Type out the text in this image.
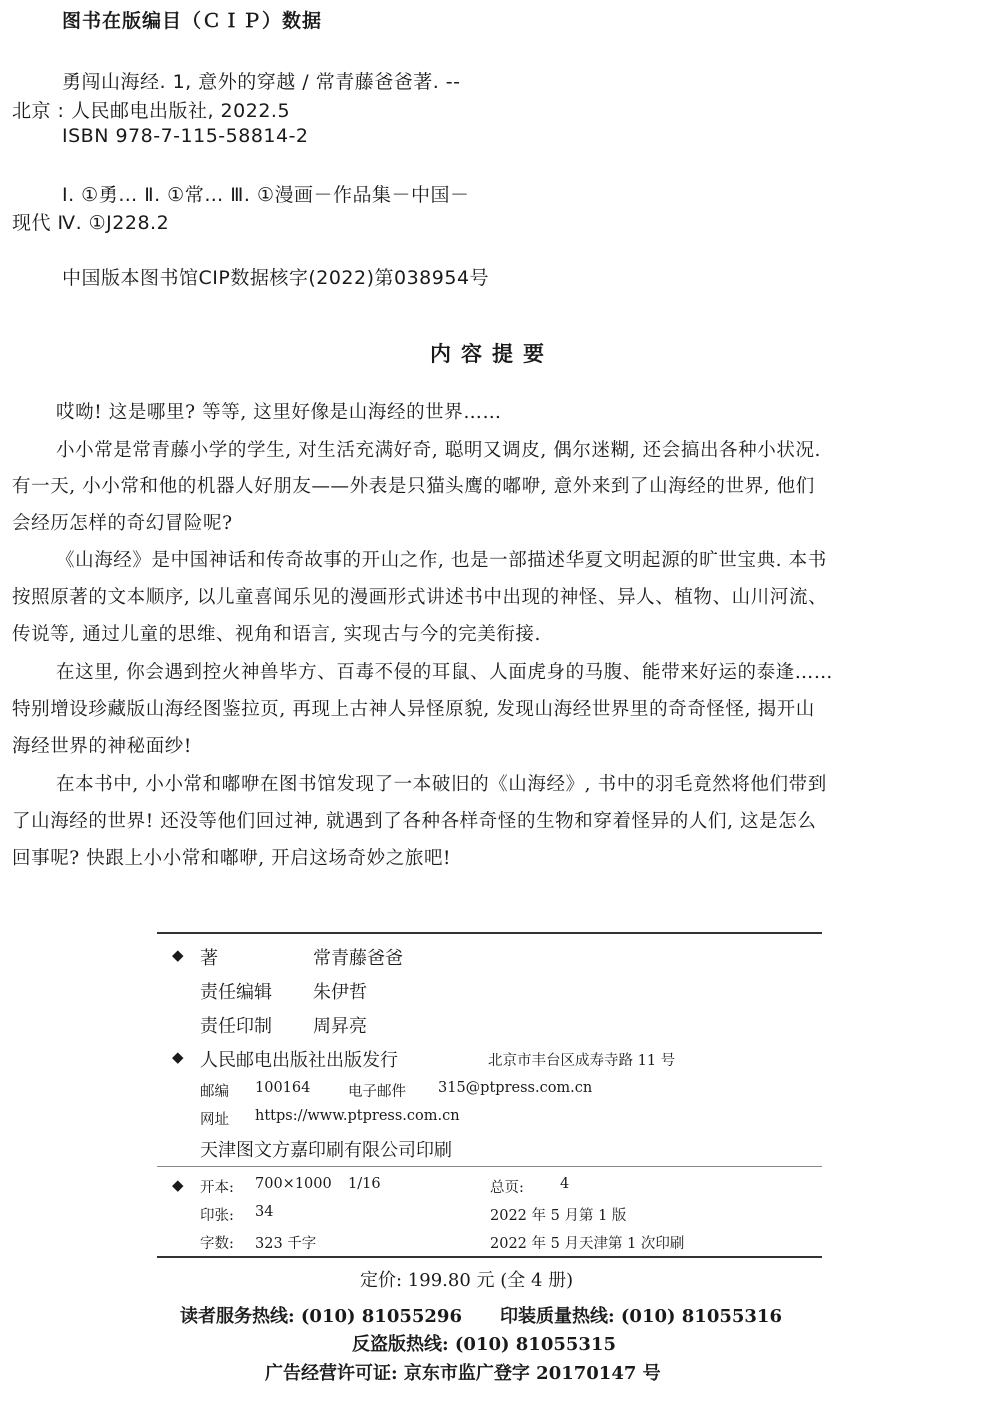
图书在版编目（ＣＩＰ）数据
勇闯山海经. 1, 意外的穿越 / 常青藤爸爸著. --
北京 : 人民邮电出版社, 2022.5
ISBN 978-7-115-58814-2
Ⅰ. ①勇… Ⅱ. ①常… Ⅲ. ①漫画－作品集－中国－
现代 Ⅳ. ①J228.2
中国版本图书馆CIP数据核字(2022)第038954号
内容提要
哎呦! 这是哪里? 等等, 这里好像是山海经的世界……
小小常是常青藤小学的学生, 对生活充满好奇, 聪明又调皮, 偶尔迷糊, 还会搞出各种小状况.
有一天, 小小常和他的机器人好朋友——外表是只猫头鹰的嘟咿, 意外来到了山海经的世界, 他们
会经历怎样的奇幻冒险呢?
《山海经》是中国神话和传奇故事的开山之作, 也是一部描述华夏文明起源的旷世宝典. 本书
按照原著的文本顺序, 以儿童喜闻乐见的漫画形式讲述书中出现的神怪、异人、植物、山川河流、
传说等, 通过儿童的思维、视角和语言, 实现古与今的完美衔接.
在这里, 你会遇到控火神兽毕方、百毒不侵的耳鼠、人面虎身的马腹、能带来好运的泰逢……
特别增设珍藏版山海经图鉴拉页, 再现上古神人异怪原貌, 发现山海经世界里的奇奇怪怪, 揭开山
海经世界的神秘面纱!
在本书中, 小小常和嘟咿在图书馆发现了一本破旧的《山海经》, 书中的羽毛竟然将他们带到
了山海经的世界! 还没等他们回过神, 就遇到了各种各样奇怪的生物和穿着怪异的人们, 这是怎么
回事呢? 快跟上小小常和嘟咿, 开启这场奇妙之旅吧!
◆ 著	常青藤爸爸
责任编辑 朱伊哲
责任印制 周昇亮
◆ 人民邮电出版社出版发行	北京市丰台区成寿寺路 11 号
邮编 100164	电子邮件 315@ptpress.com.cn
网址 https://www.ptpress.com.cn
天津图文方嘉印刷有限公司印刷
◆ 开本: 700×1000 1/16	总页: 4
印张: 34	2022 年 5 月第 1 版
字数: 323 千字	2022 年 5 月天津第 1 次印刷
定价: 199.80 元 (全 4 册)
读者服务热线: (010) 81055296 印装质量热线: (010) 81055316
反盗版热线: (010) 81055315
广告经营许可证: 京东市监广登字 20170147 号
